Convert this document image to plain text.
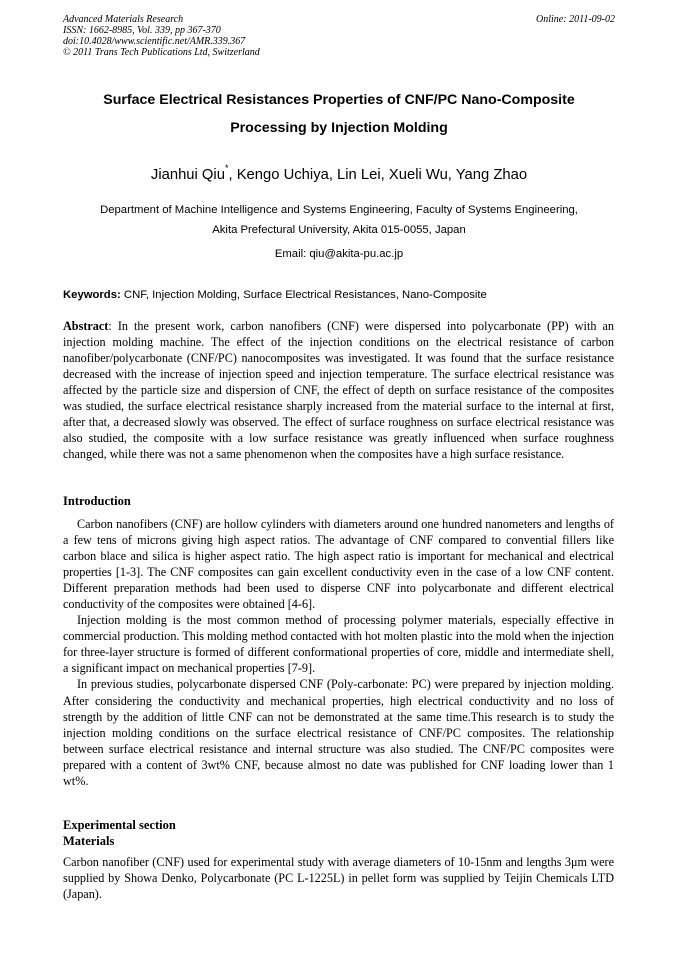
Advanced Materials Research
ISSN: 1662-8985, Vol. 339, pp 367-370
doi:10.4028/www.scientific.net/AMR.339.367
© 2011 Trans Tech Publications Ltd, Switzerland
Online: 2011-09-02
Surface Electrical Resistances Properties of CNF/PC Nano-Composite
Processing by Injection Molding
Jianhui Qiu*, Kengo Uchiya, Lin Lei, Xueli Wu, Yang Zhao
Department of Machine Intelligence and Systems Engineering, Faculty of Systems Engineering,
Akita Prefectural University, Akita 015-0055, Japan
Email: qiu@akita-pu.ac.jp
Keywords: CNF, Injection Molding, Surface Electrical Resistances, Nano-Composite

Abstract: In the present work, carbon nanofibers (CNF) were dispersed into polycarbonate (PP) with an injection molding machine. The effect of the injection conditions on the electrical resistance of carbon nanofiber/polycarbonate (CNF/PC) nanocomposites was investigated. It was found that the surface resistance decreased with the increase of injection speed and injection temperature. The surface electrical resistance was affected by the particle size and dispersion of CNF, the effect of depth on surface resistance of the composites was studied, the surface electrical resistance sharply increased from the material surface to the internal at first, after that, a decreased slowly was observed. The effect of surface roughness on surface electrical resistance was also studied, the composite with a low surface resistance was greatly influenced when surface roughness changed, while there was not a same phenomenon when the composites have a high surface resistance.

Introduction

Carbon nanofibers (CNF) are hollow cylinders with diameters around one hundred nanometers and lengths of a few tens of microns giving high aspect ratios. The advantage of CNF compared to convential fillers like carbon blace and silica is higher aspect ratio. The high aspect ratio is important for mechanical and electrical properties [1-3]. The CNF composites can gain excellent conductivity even in the case of a low CNF content. Different preparation methods had been used to disperse CNF into polycarbonate and different electrical conductivity of the composites were obtained [4-6].

Injection molding is the most common method of processing polymer materials, especially effective in commercial production. This molding method contacted with hot molten plastic into the mold when the injection for three-layer structure is formed of different conformational properties of core, middle and intermediate shell, a significant impact on mechanical properties [7-9].

In previous studies, polycarbonate dispersed CNF (Poly-carbonate: PC) were prepared by injection molding. After considering the conductivity and mechanical properties, high electrical conductivity and no loss of strength by the addition of little CNF can not be demonstrated at the same time.This research is to study the injection molding conditions on the surface electrical resistance of CNF/PC composites. The relationship between surface electrical resistance and internal structure was also studied. The CNF/PC composites were prepared with a content of 3wt% CNF, because almost no date was published for CNF loading lower than 1 wt%.

Experimental section
Materials

Carbon nanofiber (CNF) used for experimental study with average diameters of 10-15nm and lengths 3μm were supplied by Showa Denko, Polycarbonate (PC L-1225L) in pellet form was supplied by Teijin Chemicals LTD (Japan).
